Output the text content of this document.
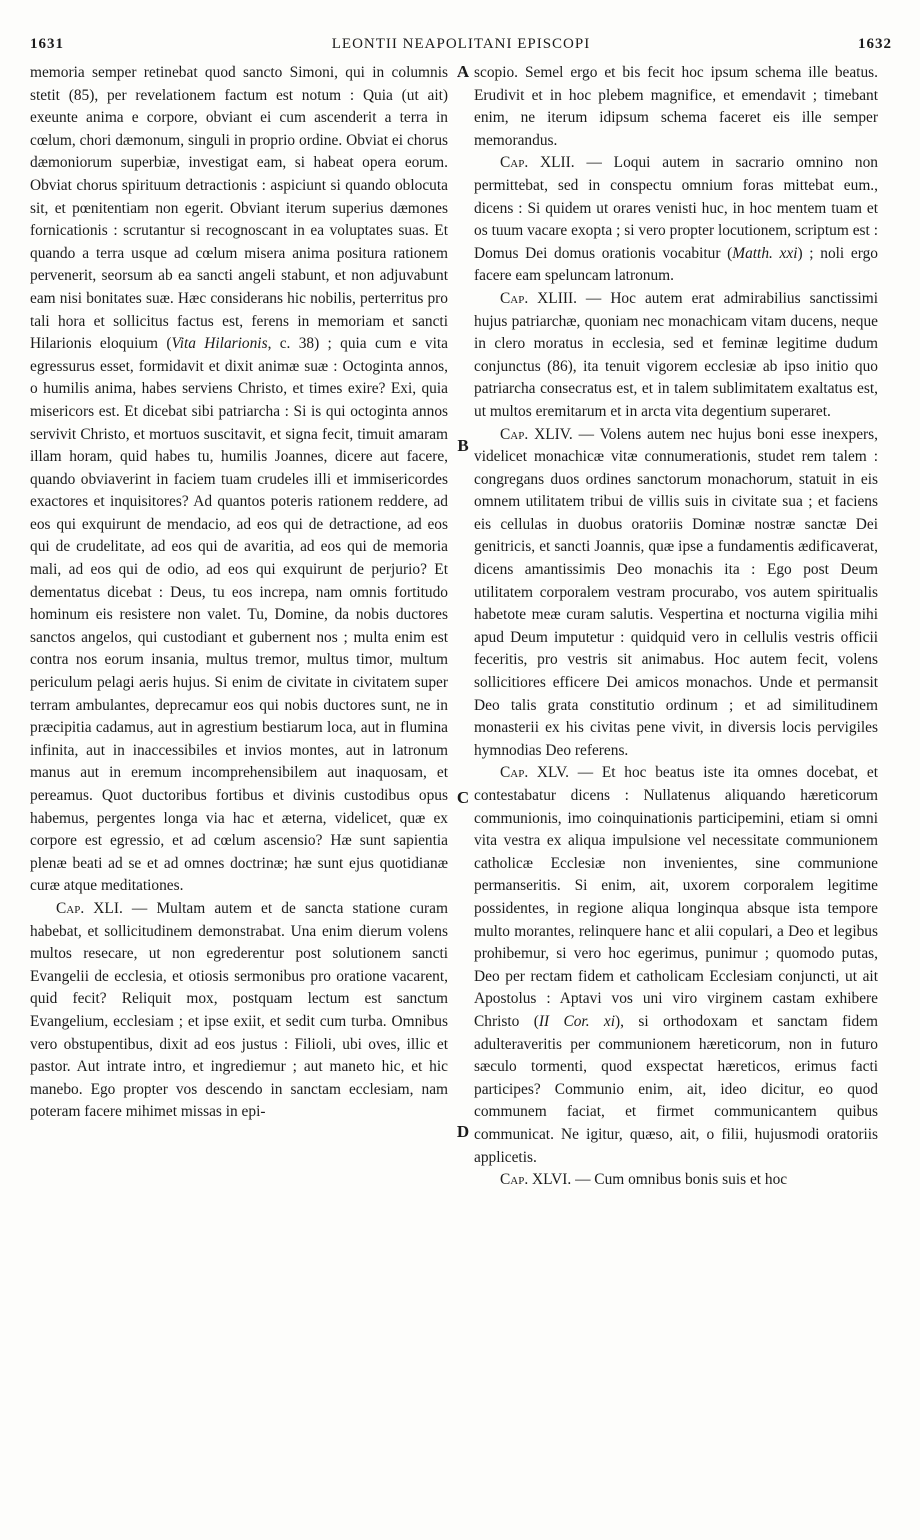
1631	LEONTII NEAPOLITANI EPISCOPI	1632

memoria semper retinebat quod sancto Simoni, qui in columnis stetit (85), per revelationem factum est notum : Quia (ut ait) exeunte anima e corpore, obviant ei cum ascenderit a terra in cœlum, chori dæmonum, singuli in proprio ordine. Obviat ei chorus dæmoniorum superbiæ, investigat eam, si habeat opera eorum. Obviat chorus spirituum detractionis : aspiciunt si quando oblocuta sit, et pœnitentiam non egerit. Obviant iterum superius dæmones fornicationis : scrutantur si recognoscant in ea voluptates suas. Et quando a terra usque ad cœlum misera anima positura rationem pervenerit, seorsum ab ea sancti angeli stabunt, et non adjuvabunt eam nisi bonitates suæ. Hæc considerans hic nobilis, perterritus pro tali hora et sollicitus factus est, ferens in memoriam et sancti Hilarionis eloquium (Vita Hilarionis, c. 38) ; quia cum e vita egressurus esset, formidavit et dixit animæ suæ : Octoginta annos, o humilis anima, habes serviens Christo, et times exire? Exi, quia misericors est. Et dicebat sibi patriarcha : Si is qui octoginta annos servivit Christo, et mortuos suscitavit, et signa fecit, timuit amaram illam horam, quid habes tu, humilis Joannes, dicere aut facere, quando obviaverint in faciem tuam crudeles illi et immisericordes exactores et inquisitores? Ad quantos poteris rationem reddere, ad eos qui exquirunt de mendacio, ad eos qui de detractione, ad eos qui de crudelitate, ad eos qui de avaritia, ad eos qui de memoria mali, ad eos qui de odio, ad eos qui exquirunt de perjurio? Et dementatus dicebat : Deus, tu eos increpa, nam omnis fortitudo hominum eis resistere non valet. Tu, Domine, da nobis ductores sanctos angelos, qui custodiant et gubernent nos ; multa enim est contra nos eorum insania, multus tremor, multus timor, multum periculum pelagi aeris hujus. Si enim de civitate in civitatem super terram ambulantes, deprecamur eos qui nobis ductores sunt, ne in præcipitia cadamus, aut in agrestium bestiarum loca, aut in flumina infinita, aut in inaccessibiles et invios montes, aut in latronum manus aut in eremum incomprehensibilem aut inaquosam, et pereamus. Quot ductoribus fortibus et divinis custodibus opus habemus, pergentes longa via hac et æterna, videlicet, quæ ex corpore est egressio, et ad cœlum ascensio? Hæ sunt sapientia plenæ beati ad se et ad omnes doctrinæ; hæ sunt ejus quotidianæ curæ atque meditationes.

Cap. XLI. — Multam autem et de sancta statione curam habebat, et sollicitudinem demonstrabat. Una enim dierum volens multos resecare, ut non egrederentur post solutionem sancti Evangelii de ecclesia, et otiosis sermonibus pro oratione vacarent, quid fecit? Reliquit mox, postquam lectum est sanctum Evangelium, ecclesiam ; et ipse exiit, et sedit cum turba. Omnibus vero obstupentibus, dixit ad eos justus : Filioli, ubi oves, illic et pastor. Aut intrate intro, et ingrediemur ; aut maneto hic, et hic manebo. Ego propter vos descendo in sanctam ecclesiam, nam poteram facere mihimet missas in epi-

A
B
C
D

scopio. Semel ergo et bis fecit hoc ipsum schema ille beatus. Erudivit et in hoc plebem magnifice, et emendavit ; timebant enim, ne iterum idipsum schema faceret eis ille semper memorandus.

Cap. XLII. — Loqui autem in sacrario omnino non permittebat, sed in conspectu omnium foras mittebat eum., dicens : Si quidem ut orares venisti huc, in hoc mentem tuam et os tuum vacare exopta ; si vero propter locutionem, scriptum est : Domus Dei domus orationis vocabitur (Matth. xxi) ; noli ergo facere eam speluncam latronum.

Cap. XLIII. — Hoc autem erat admirabilius sanctissimi hujus patriarchæ, quoniam nec monachicam vitam ducens, neque in clero moratus in ecclesia, sed et feminæ legitime dudum conjunctus (86), ita tenuit vigorem ecclesiæ ab ipso initio quo patriarcha consecratus est, et in talem sublimitatem exaltatus est, ut multos eremitarum et in arcta vita degentium superaret.

Cap. XLIV. — Volens autem nec hujus boni esse inexpers, videlicet monachicæ vitæ connumerationis, studet rem talem : congregans duos ordines sanctorum monachorum, statuit in eis omnem utilitatem tribui de villis suis in civitate sua ; et faciens eis cellulas in duobus oratoriis Dominæ nostræ sanctæ Dei genitricis, et sancti Joannis, quæ ipse a fundamentis ædificaverat, dicens amantissimis Deo monachis ita : Ego post Deum utilitatem corporalem vestram procurabo, vos autem spiritualis habetote meæ curam salutis. Vespertina et nocturna vigilia mihi apud Deum imputetur : quidquid vero in cellulis vestris officii feceritis, pro vestris sit animabus. Hoc autem fecit, volens sollicitiores efficere Dei amicos monachos. Unde et permansit Deo talis grata constitutio ordinum ; et ad similitudinem monasterii ex his civitas pene vivit, in diversis locis pervigiles hymnodias Deo referens.

Cap. XLV. — Et hoc beatus iste ita omnes docebat, et contestabatur dicens : Nullatenus aliquando hæreticorum communionis, imo coinquinationis participemini, etiam si omni vita vestra ex aliqua impulsione vel necessitate communionem catholicæ Ecclesiæ non invenientes, sine communione permanseritis. Si enim, ait, uxorem corporalem legitime possidentes, in regione aliqua longinqua absque ista tempore multo morantes, relinquere hanc et alii copulari, a Deo et legibus prohibemur, si vero hoc egerimus, punimur ; quomodo putas, Deo per rectam fidem et catholicam Ecclesiam conjuncti, ut ait Apostolus : Aptavi vos uni viro virginem castam exhibere Christo (II Cor. xi), si orthodoxam et sanctam fidem adulteraveritis per communionem hæreticorum, non in futuro sæculo tormenti, quod exspectat hæreticos, erimus facti participes? Communio enim, ait, ideo dicitur, eo quod communem faciat, et firmet communicantem quibus communicat. Ne igitur, quæso, ait, o filii, hujusmodi oratoriis applicetis.

Cap. XLVI. — Cum omnibus bonis suis et hoc
